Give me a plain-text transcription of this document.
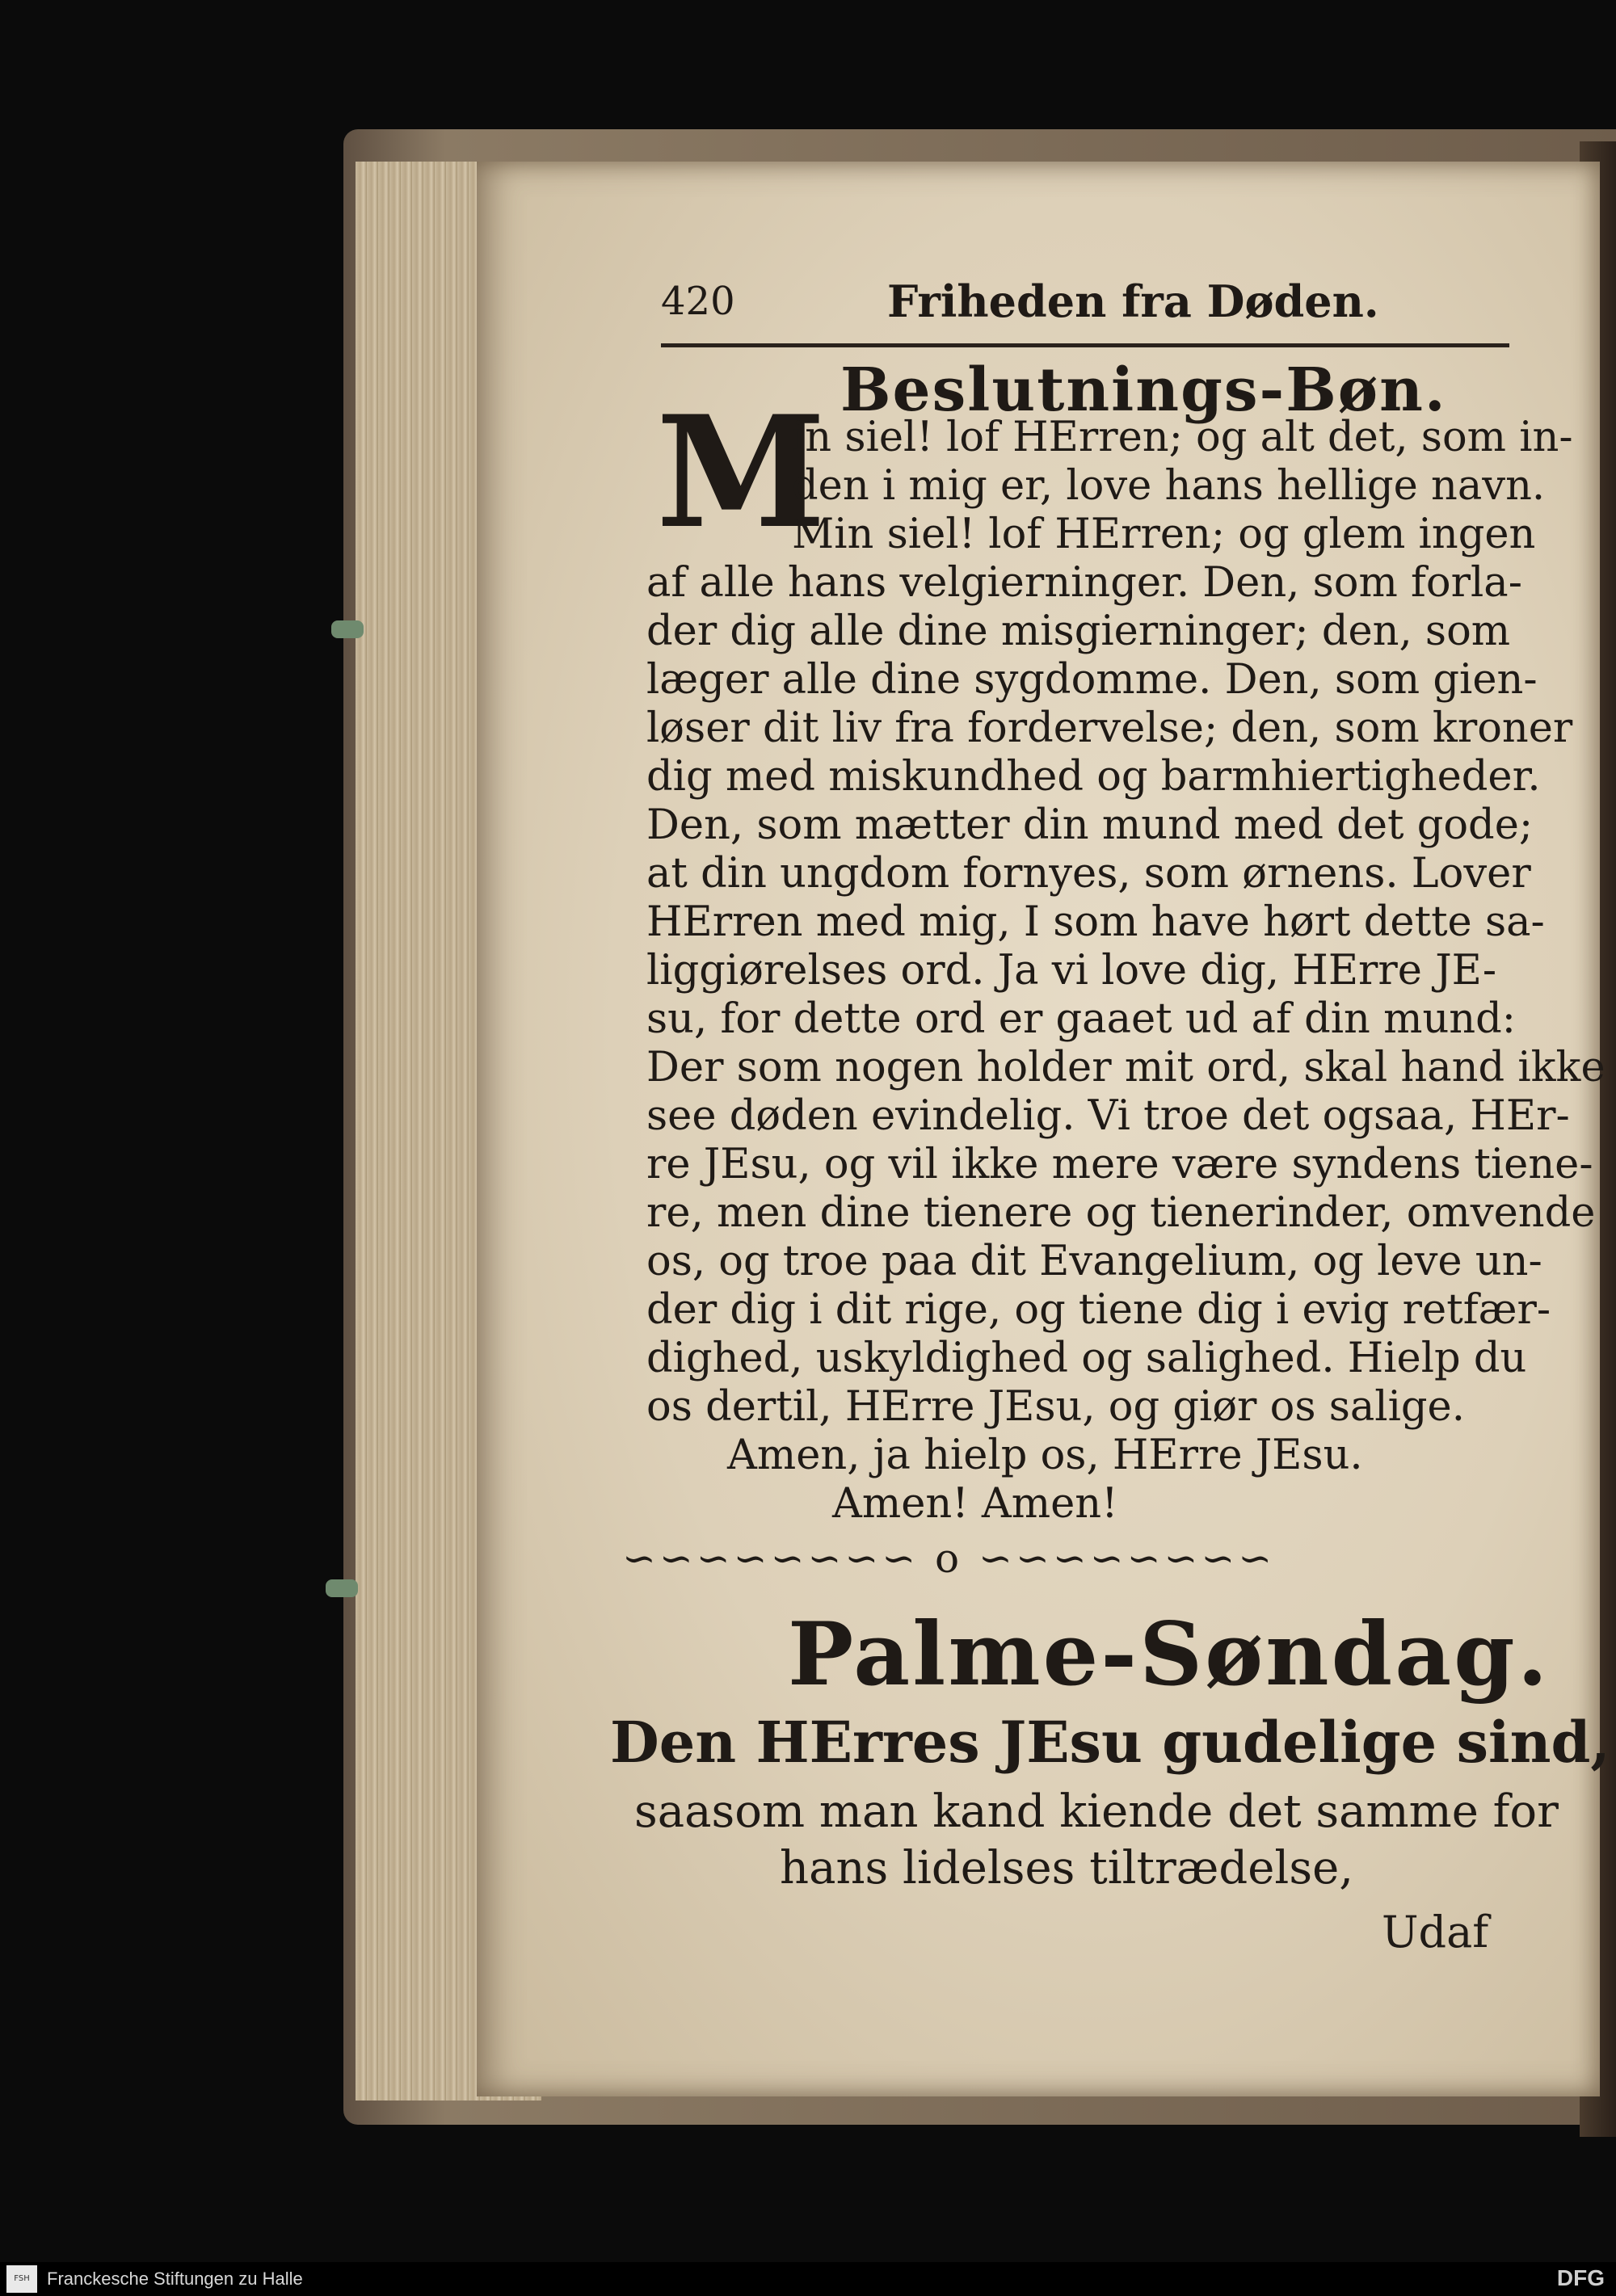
420	Friheden fra Døden.
Beslutnings-Bøn.
M
in siel! lof HErren; og alt det, som in-
den i mig er, love hans hellige navn.
Min siel! lof HErren; og glem ingen
af alle hans velgierninger. Den, som forla-
der dig alle dine misgierninger; den, som
læger alle dine sygdomme. Den, som gien-
løser dit liv fra fordervelse; den, som kroner
dig med miskundhed og barmhiertigheder.
Den, som mætter din mund med det gode;
at din ungdom fornyes, som ørnens. Lover
HErren med mig, I som have hørt dette sa-
liggiørelses ord. Ja vi love dig, HErre JE-
su, for dette ord er gaaet ud af din mund:
Der som nogen holder mit ord, skal hand ikke
see døden evindelig. Vi troe det ogsaa, HEr-
re JEsu, og vil ikke mere være syndens tiene-
re, men dine tienere og tienerinder, omvende
os, og troe paa dit Evangelium, og leve un-
der dig i dit rige, og tiene dig i evig retfær-
dighed, uskyldighed og salighed. Hielp du
os dertil, HErre JEsu, og giør os salige.
Amen, ja hielp os, HErre JEsu.
Amen! Amen!
∽∽∽∽∽∽∽∽ o ∽∽∽∽∽∽∽∽
Palme-Søndag.
Den HErres JEsu gudelige sind,
saasom man kand kiende det samme for
hans lidelses tiltrædelse,
Udaf
FSH Franckesche Stiftungen zu Halle	DFG
